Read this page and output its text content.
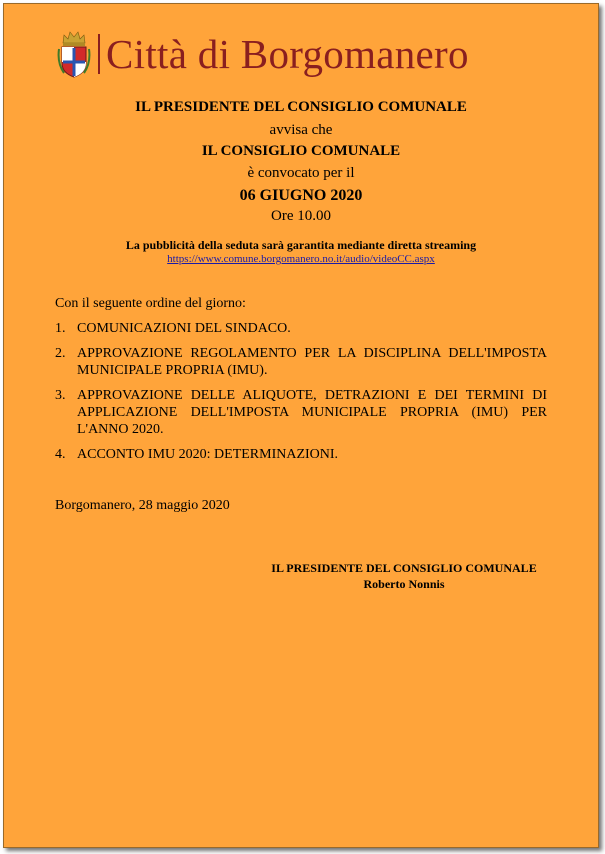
Città di Borgomanero
IL PRESIDENTE DEL CONSIGLIO COMUNALE
avvisa che
IL CONSIGLIO COMUNALE
è convocato per il
06 GIUGNO 2020
Ore 10.00
La pubblicità della seduta sarà garantita mediante diretta streaming
https://www.comune.borgomanero.no.it/audio/videoCC.aspx
Con il seguente ordine del giorno:
1. COMUNICAZIONI DEL SINDACO.
2. APPROVAZIONE REGOLAMENTO PER LA DISCIPLINA DELL'IMPOSTA MUNICIPALE PROPRIA (IMU).
3. APPROVAZIONE DELLE ALIQUOTE, DETRAZIONI E DEI TERMINI DI APPLICAZIONE DELL'IMPOSTA MUNICIPALE PROPRIA (IMU) PER L'ANNO 2020.
4. ACCONTO IMU 2020: DETERMINAZIONI.
Borgomanero, 28 maggio 2020
IL PRESIDENTE DEL CONSIGLIO COMUNALE
Roberto Nonnis
